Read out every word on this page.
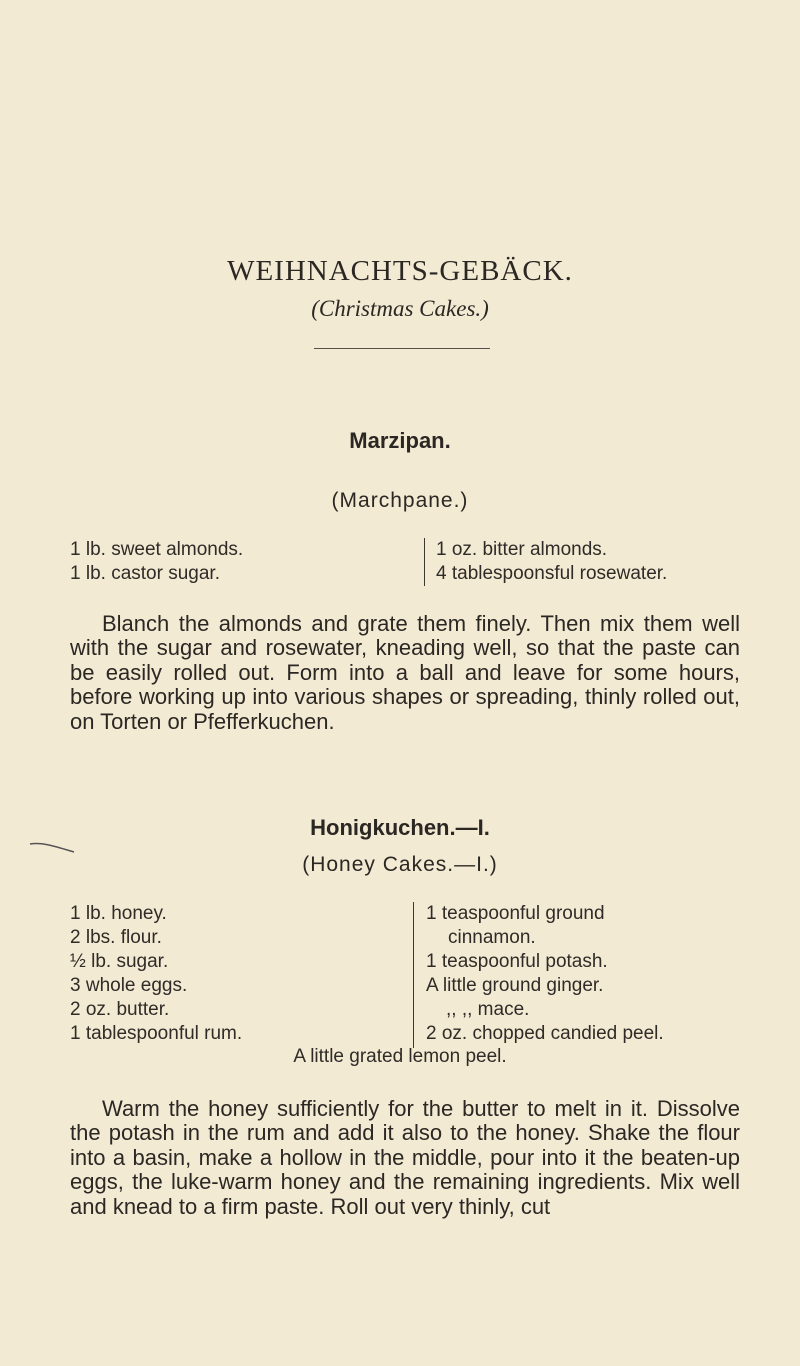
WEIHNACHTS-GEBÄCK.
(Christmas Cakes.)
Marzipan.
(Marchpane.)
1 lb. sweet almonds.
1 lb. castor sugar.
1 oz. bitter almonds.
4 tablespoonsful rosewater.

Blanch the almonds and grate them finely. Then mix them well with the sugar and rosewater, kneading well, so that the paste can be easily rolled out. Form into a ball and leave for some hours, before working up into various shapes or spreading, thinly rolled out, on Torten or Pfefferkuchen.

Honigkuchen.—I.
(Honey Cakes.—I.)
1 lb. honey.
2 lbs. flour.
½ lb. sugar.
3 whole eggs.
2 oz. butter.
1 tablespoonful rum.
1 teaspoonful ground
cinnamon.
1 teaspoonful potash.
A little ground ginger.
,, ,, mace.
2 oz. chopped candied peel.
A little grated lemon peel.

Warm the honey sufficiently for the butter to melt in it. Dissolve the potash in the rum and add it also to the honey. Shake the flour into a basin, make a hollow in the middle, pour into it the beaten-up eggs, the luke-warm honey and the remaining ingredients. Mix well and knead to a firm paste. Roll out very thinly, cut
